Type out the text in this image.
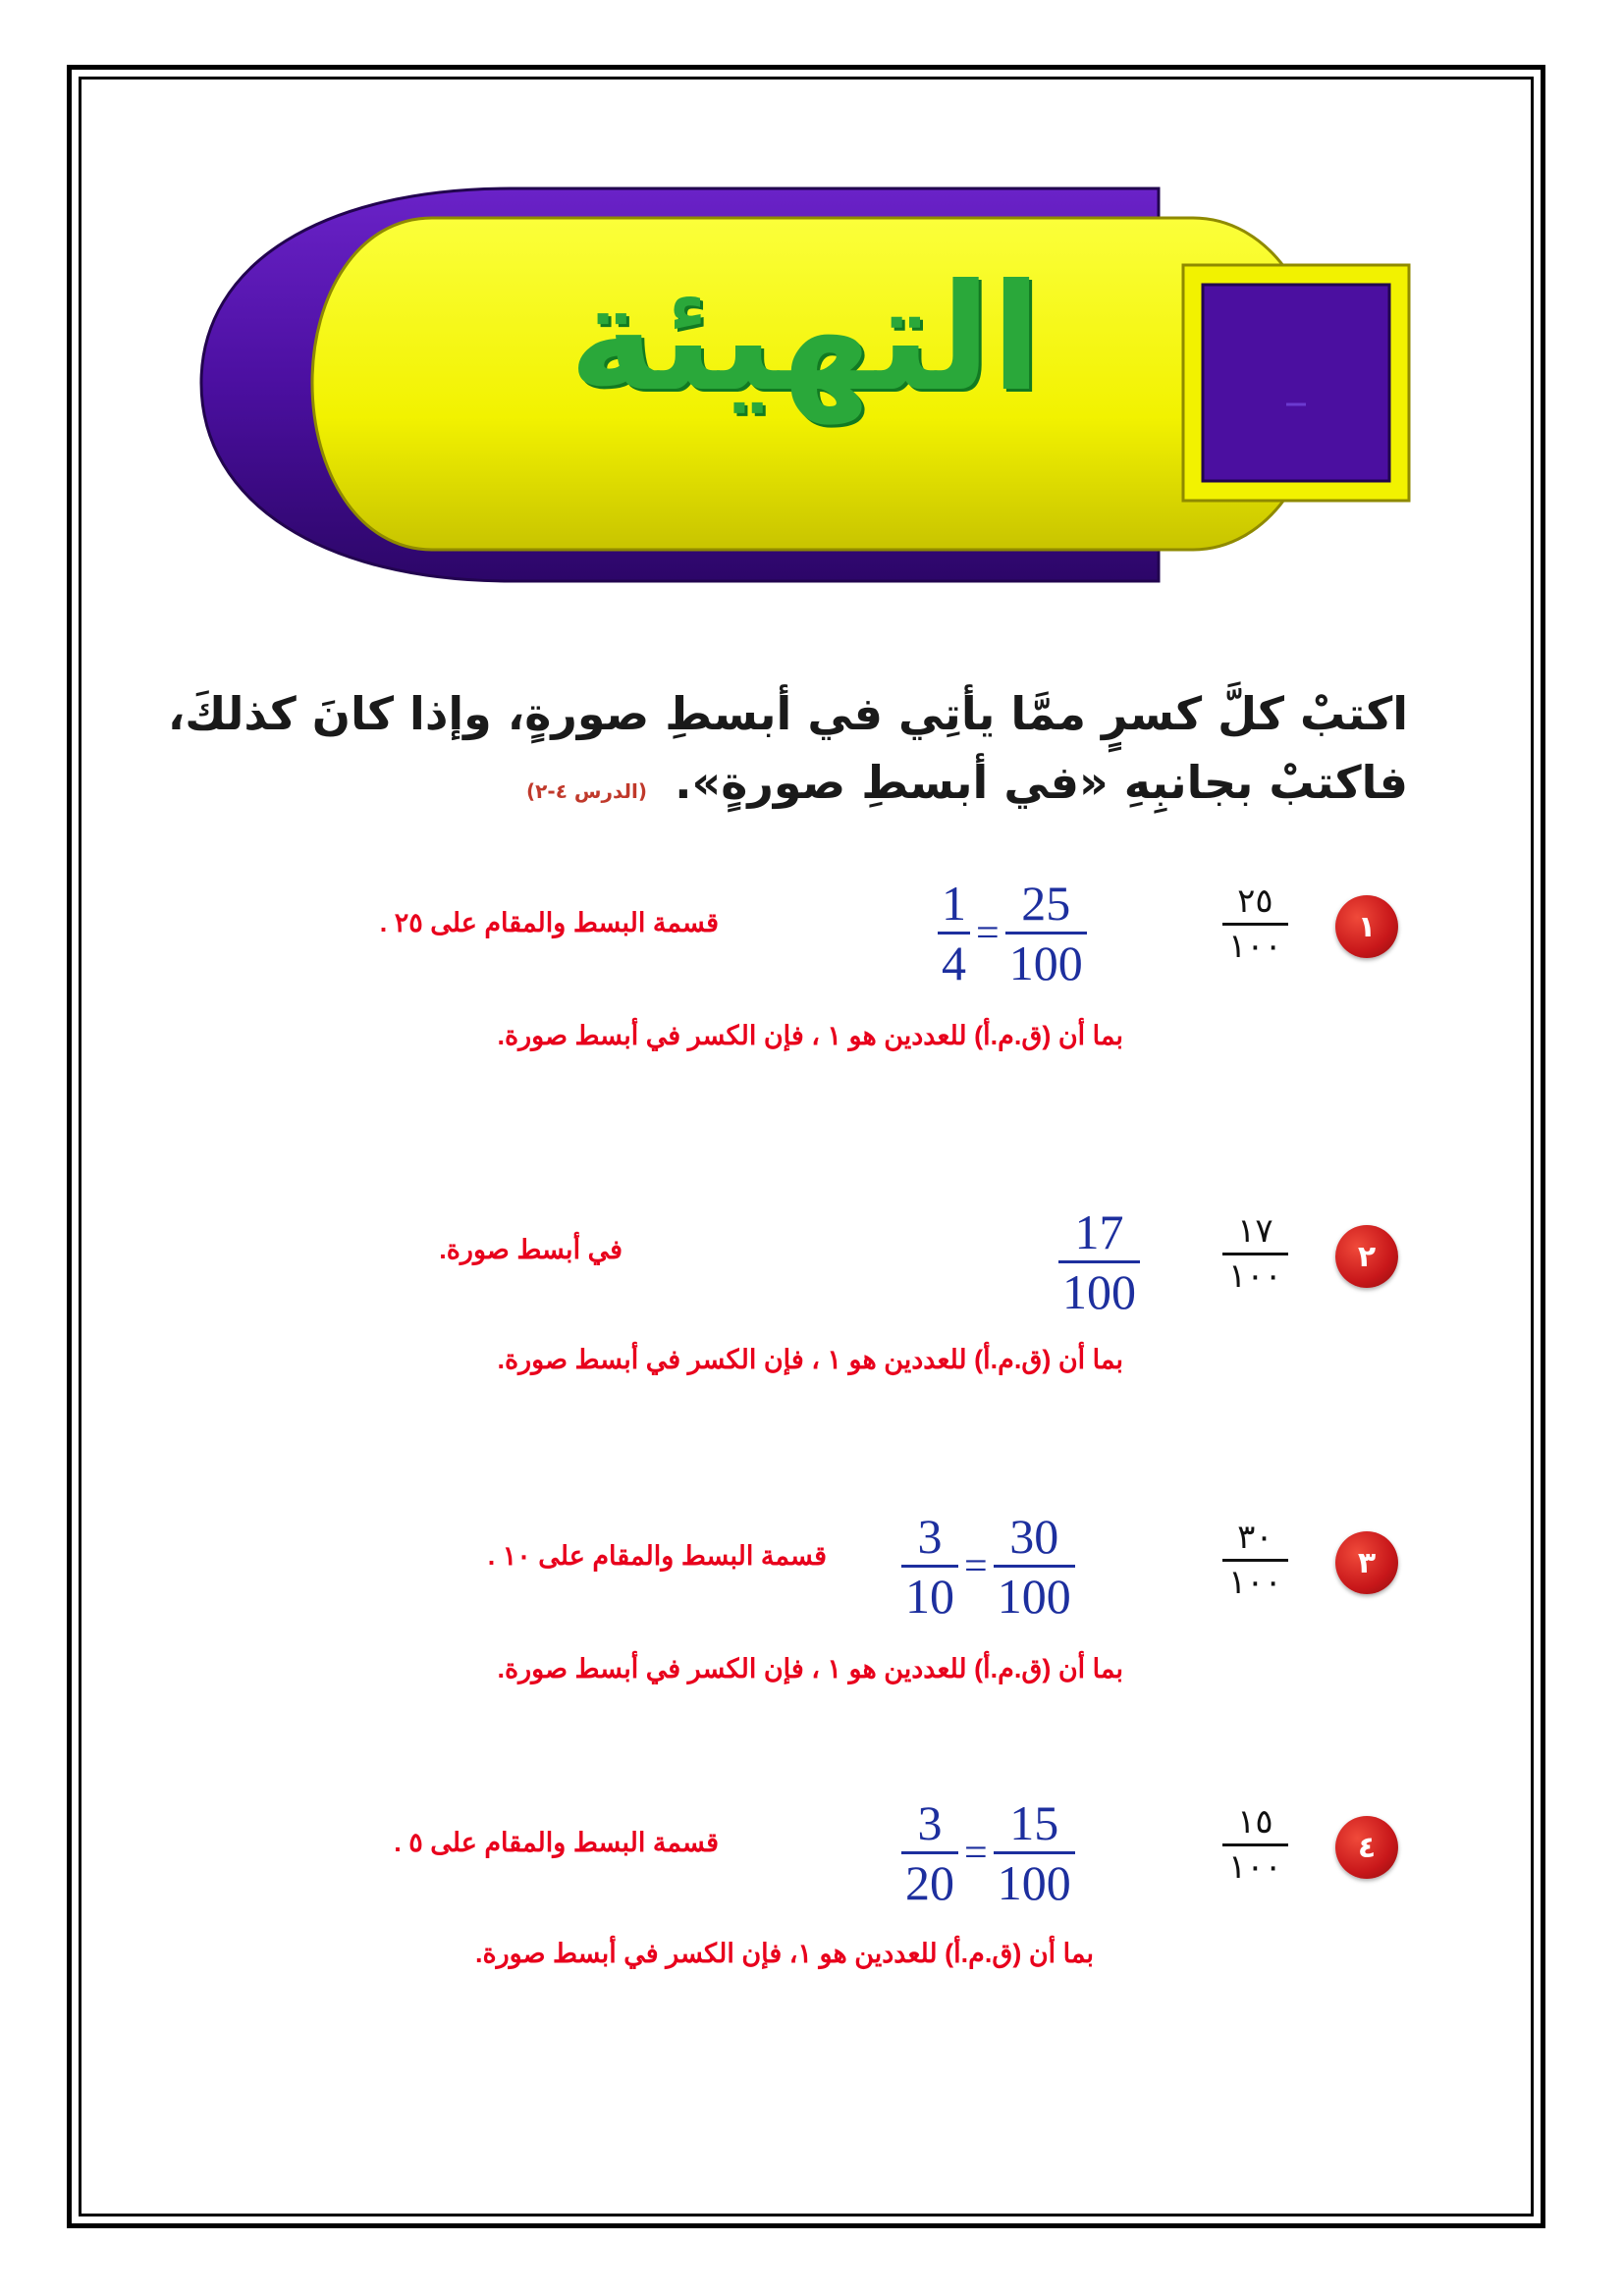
التهيئة
اكتبْ كلَّ كسرٍ ممَّا يأتِي في أبسطِ صورةٍ، وإذا كانَ كذلكَ،
فاكتبْ بجانبِهِ «في أبسطِ صورةٍ». (الدرس ٤-٢)
١
٢٥
١٠٠
1
4
=
25
100
قسمة البسط والمقام على ٢٥ .
بما أن (ق.م.أ) للعددين هو ١ ، فإن الكسر في أبسط صورة.
٢
١٧
١٠٠
17
100
في أبسط صورة.
بما أن (ق.م.أ) للعددين هو ١ ، فإن الكسر في أبسط صورة.
٣
٣٠
١٠٠
3
10
=
30
100
قسمة البسط والمقام على ١٠ .
بما أن (ق.م.أ) للعددين هو ١ ، فإن الكسر في أبسط صورة.
٤
١٥
١٠٠
3
20
=
15
100
قسمة البسط والمقام على ٥ .
بما أن (ق.م.أ) للعددين هو ١، فإن الكسر في أبسط صورة.
